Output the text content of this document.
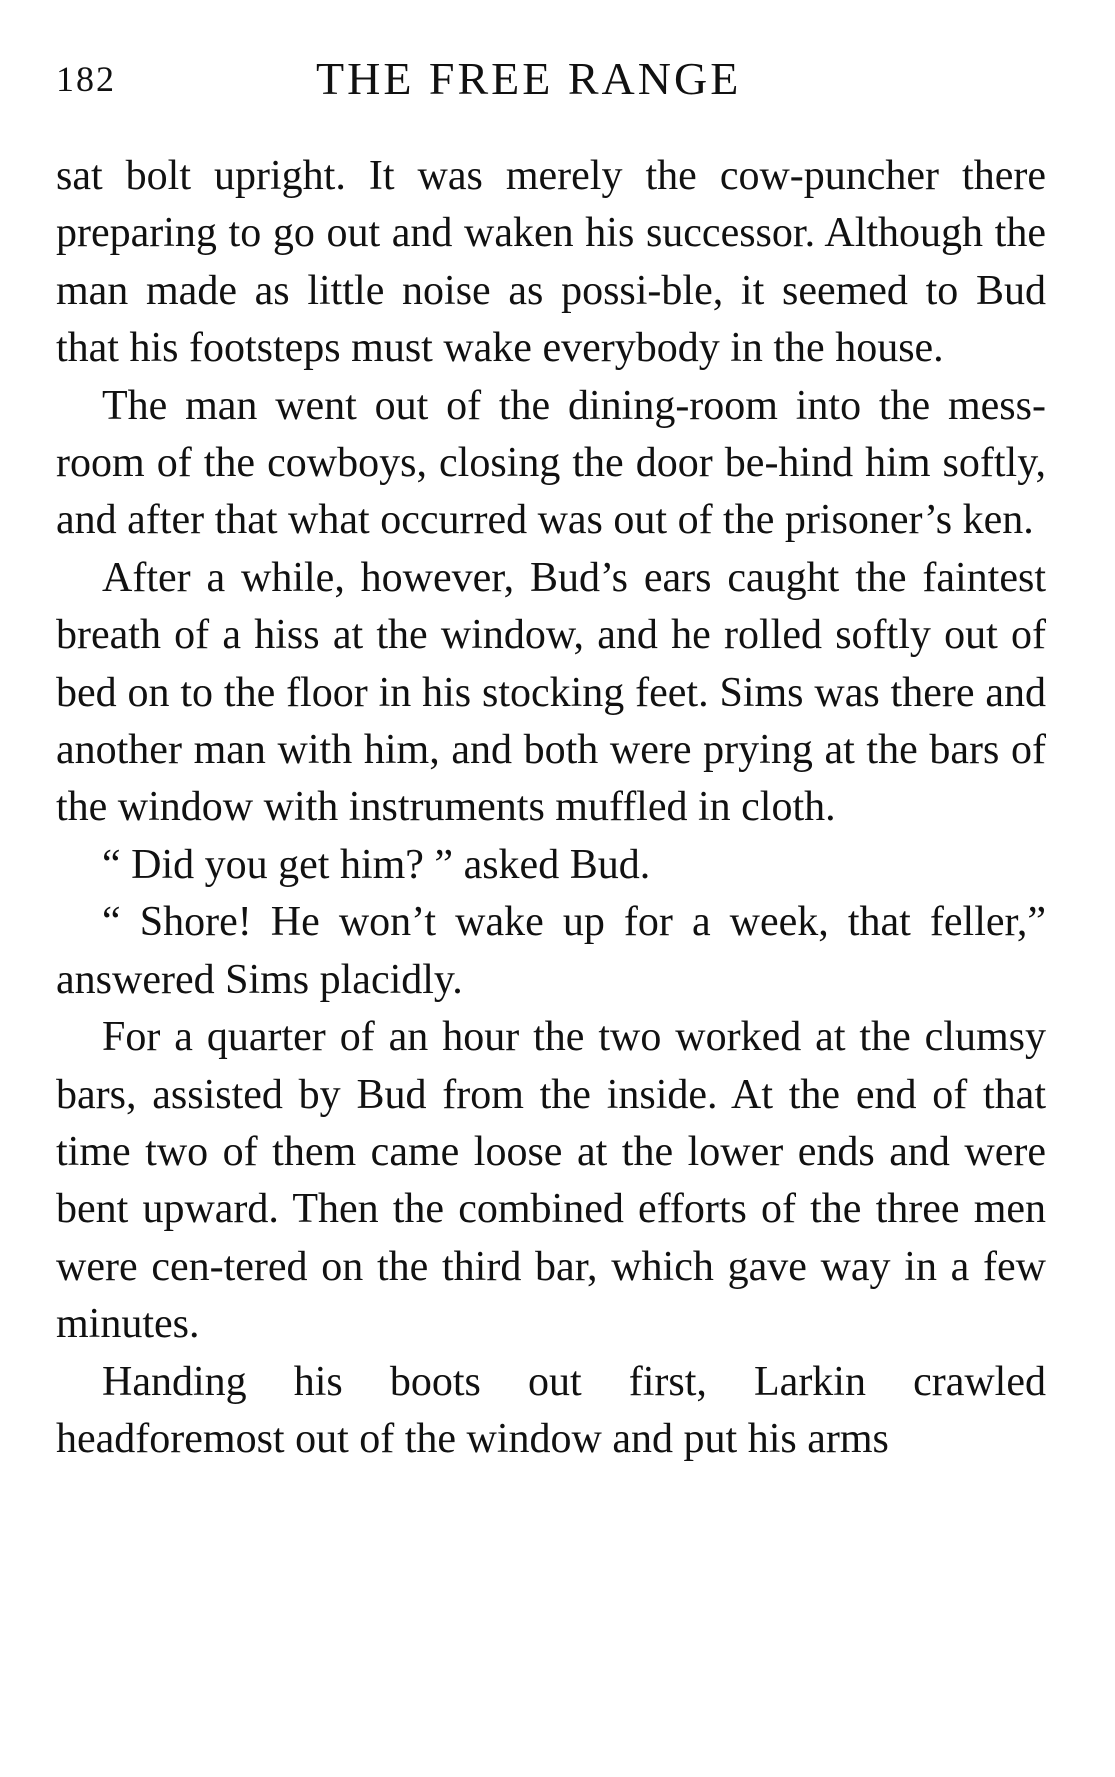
182	THE FREE RANGE

sat bolt upright. It was merely the cow-puncher there preparing to go out and waken his successor. Although the man made as little noise as possi-ble, it seemed to Bud that his footsteps must wake everybody in the house.

The man went out of the dining-room into the mess-room of the cowboys, closing the door be-hind him softly, and after that what occurred was out of the prisoner’s ken.

After a while, however, Bud’s ears caught the faintest breath of a hiss at the window, and he rolled softly out of bed on to the floor in his stocking feet. Sims was there and another man with him, and both were prying at the bars of the window with instruments muffled in cloth.

“ Did you get him? ” asked Bud.

“ Shore! He won’t wake up for a week, that feller,” answered Sims placidly.

For a quarter of an hour the two worked at the clumsy bars, assisted by Bud from the inside. At the end of that time two of them came loose at the lower ends and were bent upward. Then the combined efforts of the three men were cen-tered on the third bar, which gave way in a few minutes.

Handing his boots out first, Larkin crawled headforemost out of the window and put his arms
